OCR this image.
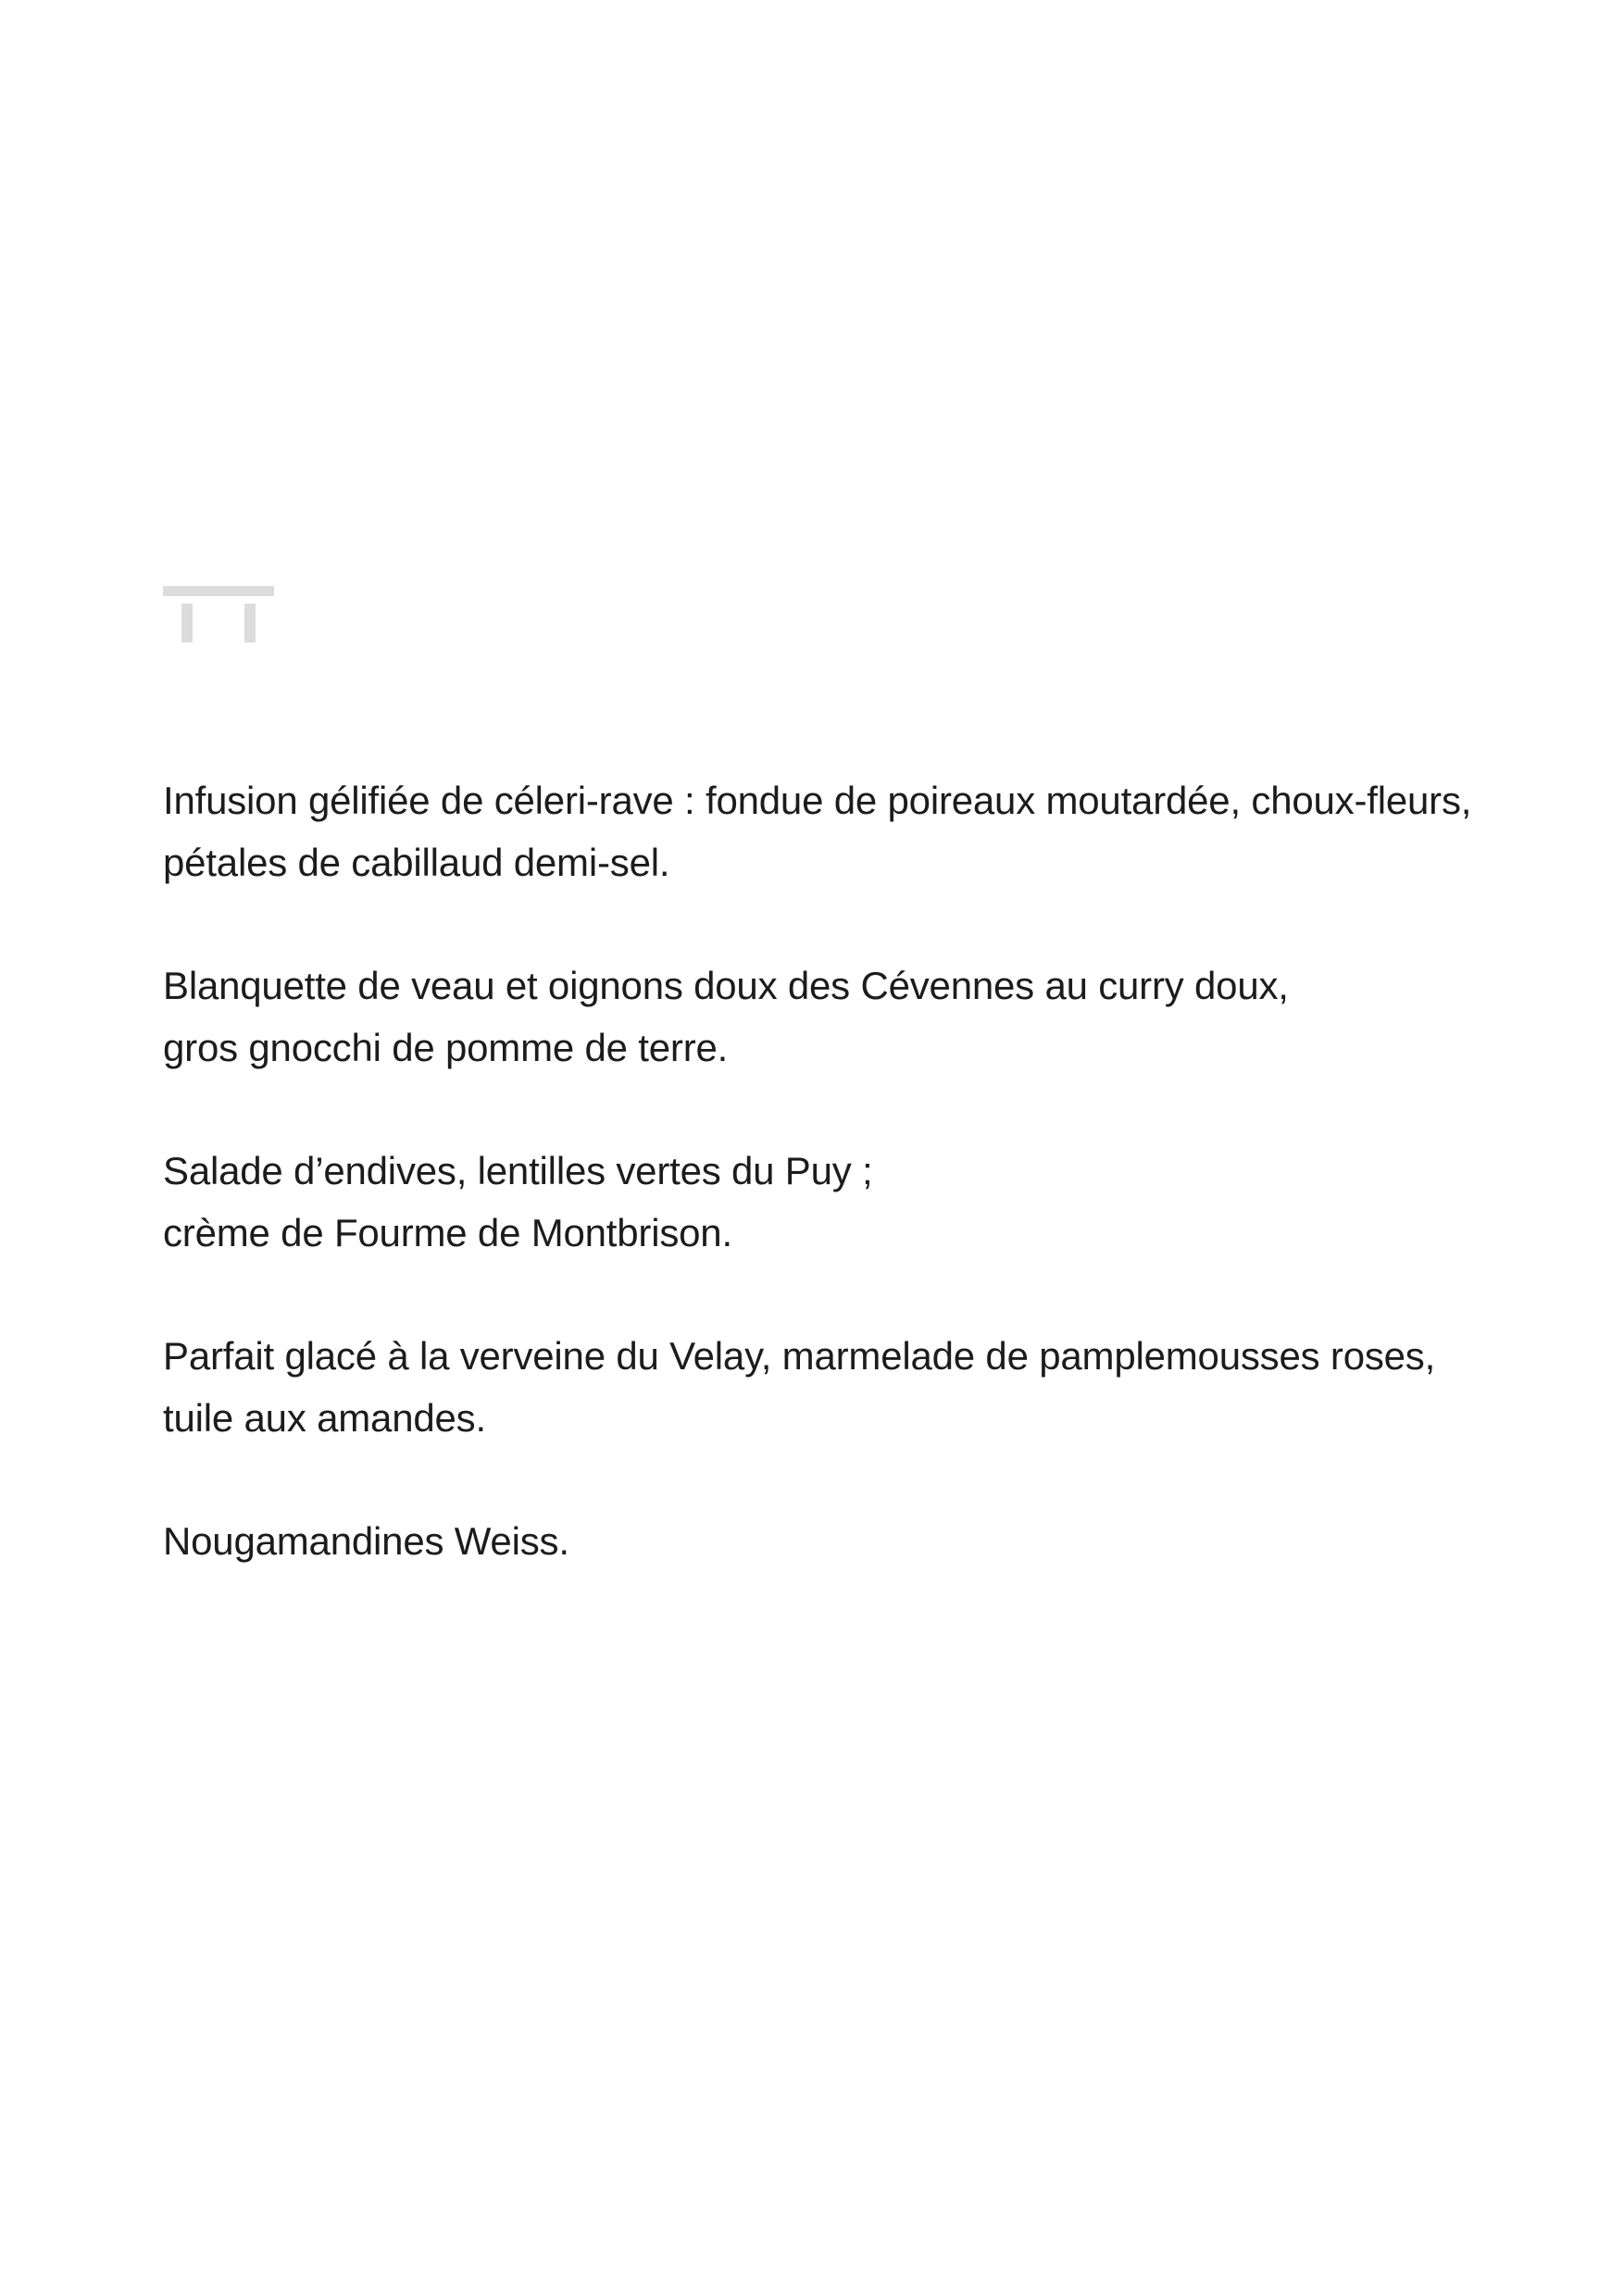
Infusion gélifiée de céleri-rave : fondue de poireaux moutardée, choux-fleurs,
pétales de cabillaud demi-sel.

Blanquette de veau et oignons doux des Cévennes au curry doux,
gros gnocchi de pomme de terre.

Salade d’endives, lentilles vertes du Puy ;
crème de Fourme de Montbrison.

Parfait glacé à la verveine du Velay, marmelade de pamplemousses roses,
tuile aux amandes.

Nougamandines Weiss.
